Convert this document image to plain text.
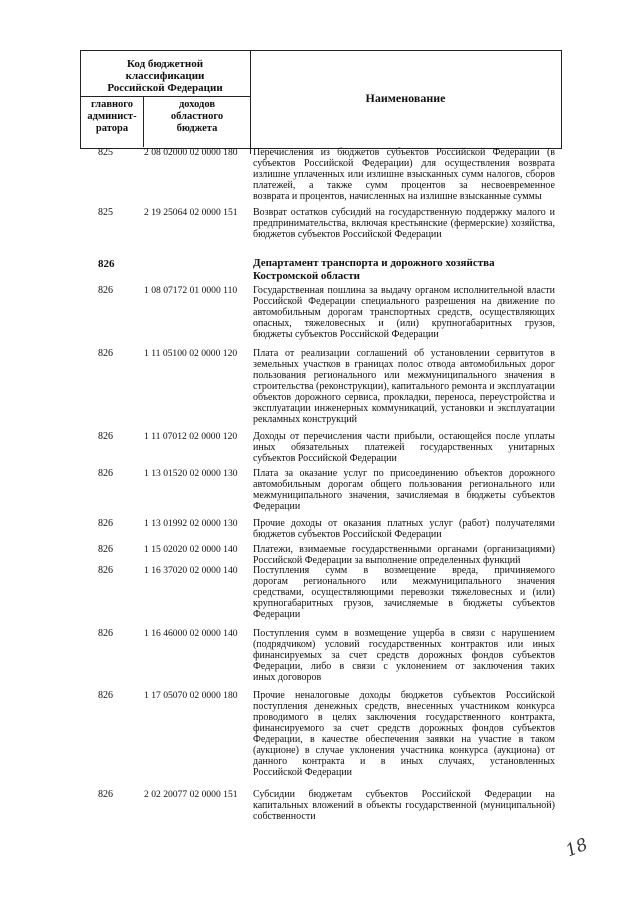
Код бюджетной
классификации
Российской Федерации
главного
админист-
ратора
доходов
областного
бюджета
Наименование
825	2 08 02000 02 0000 180 Перечисления из бюджетов субъектов Российской Федерации (в
субъектов Российской Федерации) для осуществления возврата
излишне уплаченных или излишне взысканных сумм налогов, сборов
платежей, а также сумм процентов за несвоевременное
возврата и процентов, начисленных на излишне взысканные суммы
825	2 19 25064 02 0000 151 Возврат остатков субсидий на государственную поддержку малого и
предпринимательства, включая крестьянские (фермерские) хозяйства,
бюджетов субъектов Российской Федерации
826	Департамент транспорта и дорожного хозяйства
Костромской области
826	1 08 07172 01 0000 110 Государственная пошлина за выдачу органом исполнительной власти
Российской Федерации специального разрешения на движение по
автомобильным дорогам транспортных средств, осуществляющих
опасных, тяжеловесных и (или) крупногабаритных грузов,
бюджеты субъектов Российской Федерации
826	1 11 05100 02 0000 120 Плата от реализации соглашений об установлении сервитутов в
земельных участков в границах полос отвода автомобильных дорог
пользования регионального или межмуниципального значения в
строительства (реконструкции), капитального ремонта и эксплуатации
объектов дорожного сервиса, прокладки, переноса, переустройства и
эксплуатации инженерных коммуникаций, установки и эксплуатации
рекламных конструкций
826	1 11 07012 02 0000 120 Доходы от перечисления части прибыли, остающейся после уплаты
иных обязательных платежей государственных унитарных
субъектов Российской Федерации
826	1 13 01520 02 0000 130 Плата за оказание услуг по присоединению объектов дорожного
автомобильным дорогам общего пользования регионального или
межмуниципального значения, зачисляемая в бюджеты субъектов
Федерации
826	1 13 01992 02 0000 130 Прочие доходы от оказания платных услуг (работ) получателями
бюджетов субъектов Российской Федерации
826	1 15 02020 02 0000 140 Платежи, взимаемые государственными органами (организациями)
Российской Федерации за выполнение определенных функций
826	1 16 37020 02 0000 140 Поступления сумм в возмещение вреда, причиняемого
дорогам регионального или межмуниципального значения
средствами, осуществляющими перевозки тяжеловесных и (или)
крупногабаритных грузов, зачисляемые в бюджеты субъектов
Федерации
826	1 16 46000 02 0000 140 Поступления сумм в возмещение ущерба в связи с нарушением
(подрядчиком) условий государственных контрактов или иных
финансируемых за счет средств дорожных фондов субъектов
Федерации, либо в связи с уклонением от заключения таких
иных договоров
826	1 17 05070 02 0000 180 Прочие неналоговые доходы бюджетов субъектов Российской
поступления денежных средств, внесенных участником конкурса
проводимого в целях заключения государственного контракта,
финансируемого за счет средств дорожных фондов субъектов
Федерации, в качестве обеспечения заявки на участие в таком
(аукционе) в случае уклонения участника конкурса (аукциона) от
данного контракта и в иных случаях, установленных
Российской Федерации
826	2 02 20077 02 0000 151 Субсидии бюджетам субъектов Российской Федерации на
капитальных вложений в объекты государственной (муниципальной)
собственности
18
